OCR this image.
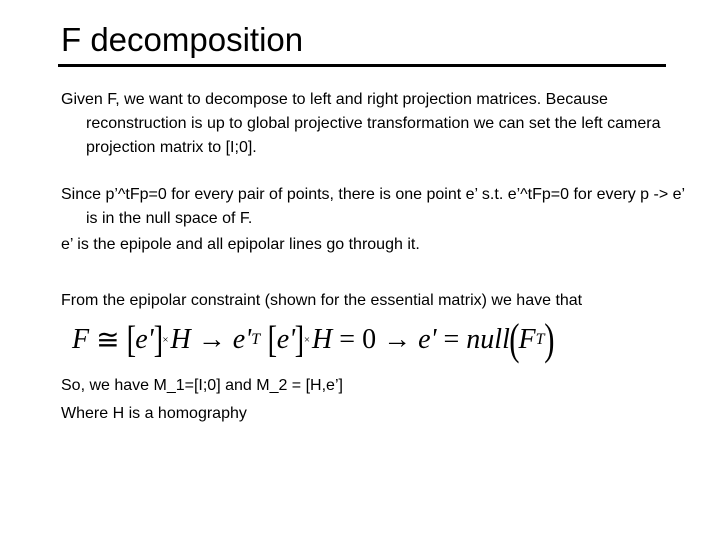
F decomposition

Given F, we want to decompose to left and right projection matrices. Because reconstruction is up to global projective transformation we can set the left camera projection matrix to [I;0].

Since p’^tFp=0 for every pair of points, there is one point e’ s.t. e’^tFp=0 for every p -> e’ is in the null space of F.

e’ is the epipole and all epipolar lines go through it.

From the epipolar constraint (shown for the essential matrix) we have that

F ≅ [ e' ] × H → e' T [ e' ] × H = 0 → e' = null ( F T )

So, we have M_1=[I;0] and M_2 = [H,e’]

Where H is a homography
